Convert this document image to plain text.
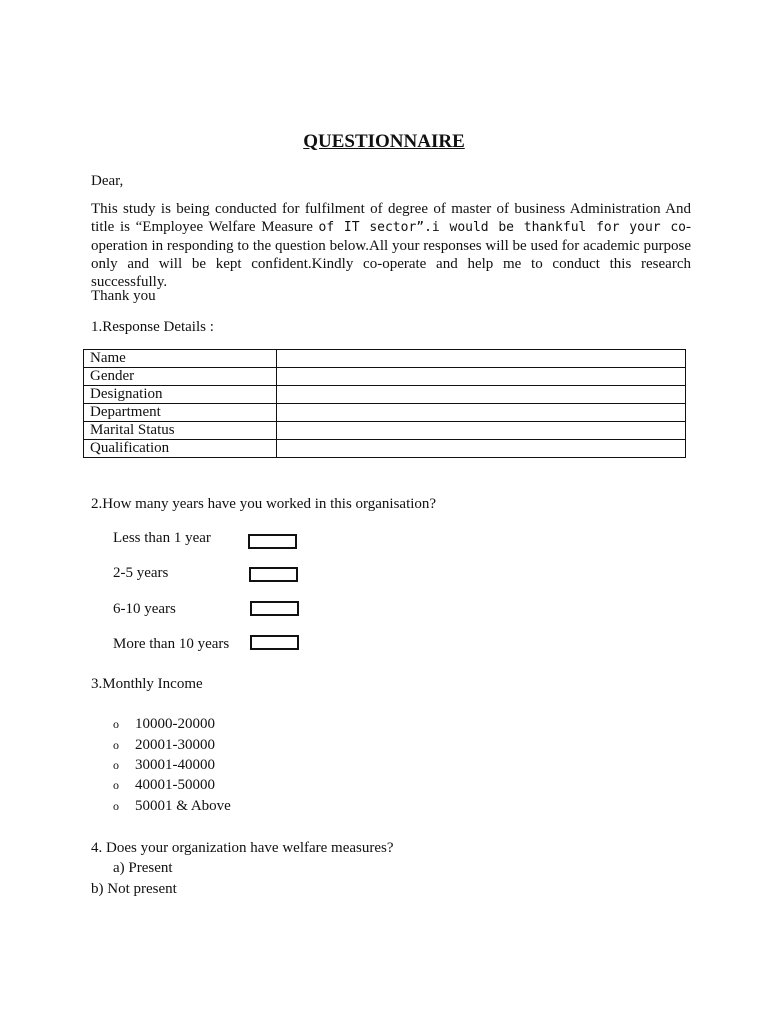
QUESTIONNAIRE
Dear,
This study is being conducted for fulfilment of degree of master of business Administration And title is “Employee Welfare Measure of IT sector”.i would be thankful for your co-operation in responding to the question below.All your responses will be used for academic purpose only and will be kept confident.Kindly co-operate and help me to conduct this research successfully.
Thank you
1.Response Details :
Name	
Gender	
Designation	
Department	
Marital Status	
Qualification	
2.How many years have you worked in this organisation?
Less than 1 year
2-5 years
6-10 years
More than 10 years
3.Monthly Income
o 10000-20000
o 20001-30000
o 30001-40000
o 40001-50000
o 50001 & Above
4. Does your organization have welfare measures?
a) Present
b) Not present
